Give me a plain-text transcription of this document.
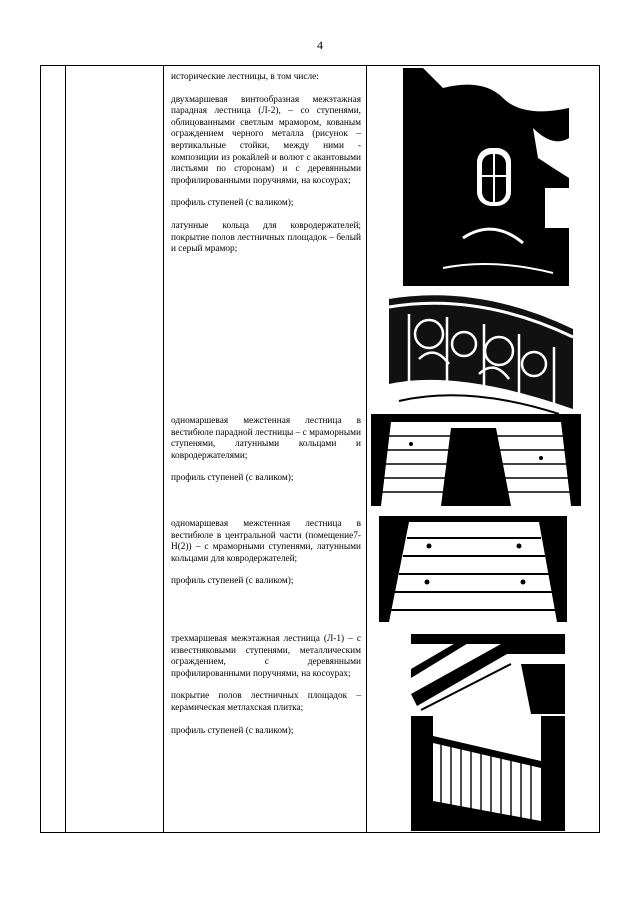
4

исторические лестницы, в том числе:

двухмаршевая винтообразная межэтажная парадная лестница (Л-2), – со ступенями, облицованными светлым мрамором, кованым ограждением черного металла (рисунок – вертикальные стойки, между ними - композиции из рокайлей и волют с акантовыми листьями по сторонам) и с деревянными профилированными поручнями, на косоурах;

профиль ступеней (с валиком);

латунные кольца для ковродержателей; покрытие полов лестничных площадок – белый и серый мрамор;

одномаршевая межстенная лестница в вестибюле парадной лестницы – с мраморными ступенями, латунными кольцами и ковродержателями;

профиль ступеней (с валиком);

одномаршевая межстенная лестница в вестибюле в центральной части (помещение7-Н(2)) – с мраморными ступенями, латунными кольцами для ковродержателей;

профиль ступеней (с валиком);

трехмаршевая межэтажная лестница (Л-1) – с известняковыми ступенями, металлическим ограждением, с деревянными профилированными поручнями, на косоурах;

покрытие полов лестничных площадок – керамическая метлахская плитка;

профиль ступеней (с валиком);
